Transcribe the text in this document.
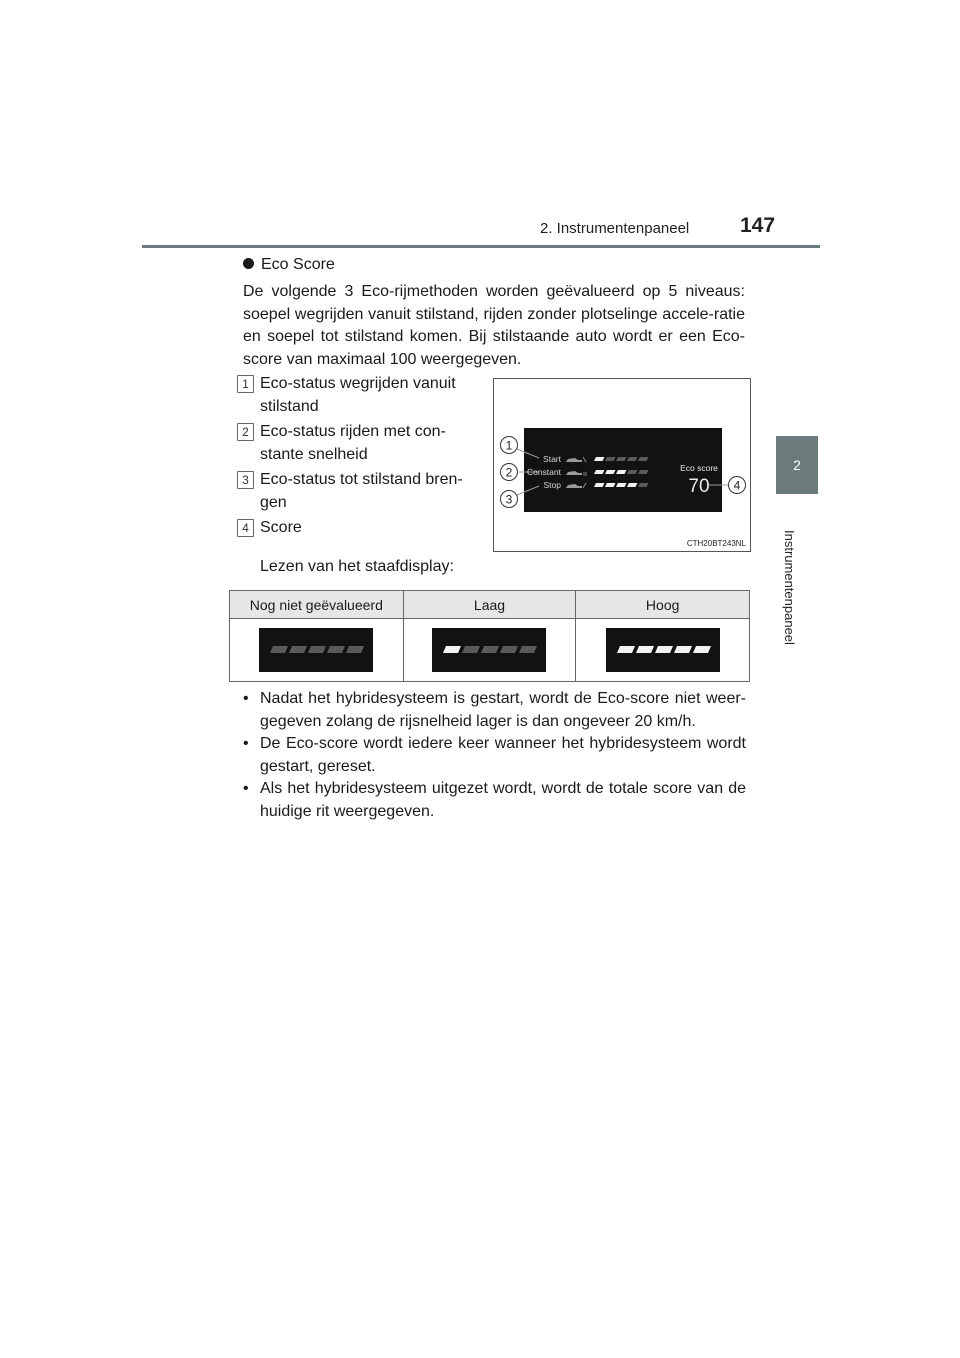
2. Instrumentenpaneel 147
2
Instrumentenpaneel
Eco Score
De volgende 3 Eco-rijmethoden worden geëvalueerd op 5 niveaus: soepel wegrijden vanuit stilstand, rijden zonder plotselinge accele-ratie en soepel tot stilstand komen. Bij stilstaande auto wordt er een Eco-score van maximaal 100 weergegeven.
1 Eco-status wegrijden vanuit stilstand
2 Eco-status rijden met con-stante snelheid
3 Eco-status tot stilstand bren-gen
4 Score
1
2
3
4
Start
Constant
Stop
Eco score
70
CTH20BT243NL
Lezen van het staafdisplay:
Nog niet geëvalueerd	Laag	Hoog

• Nadat het hybridesysteem is gestart, wordt de Eco-score niet weer-gegeven zolang de rijsnelheid lager is dan ongeveer 20 km/h.
• De Eco-score wordt iedere keer wanneer het hybridesysteem wordt gestart, gereset.
• Als het hybridesysteem uitgezet wordt, wordt de totale score van de huidige rit weergegeven.
